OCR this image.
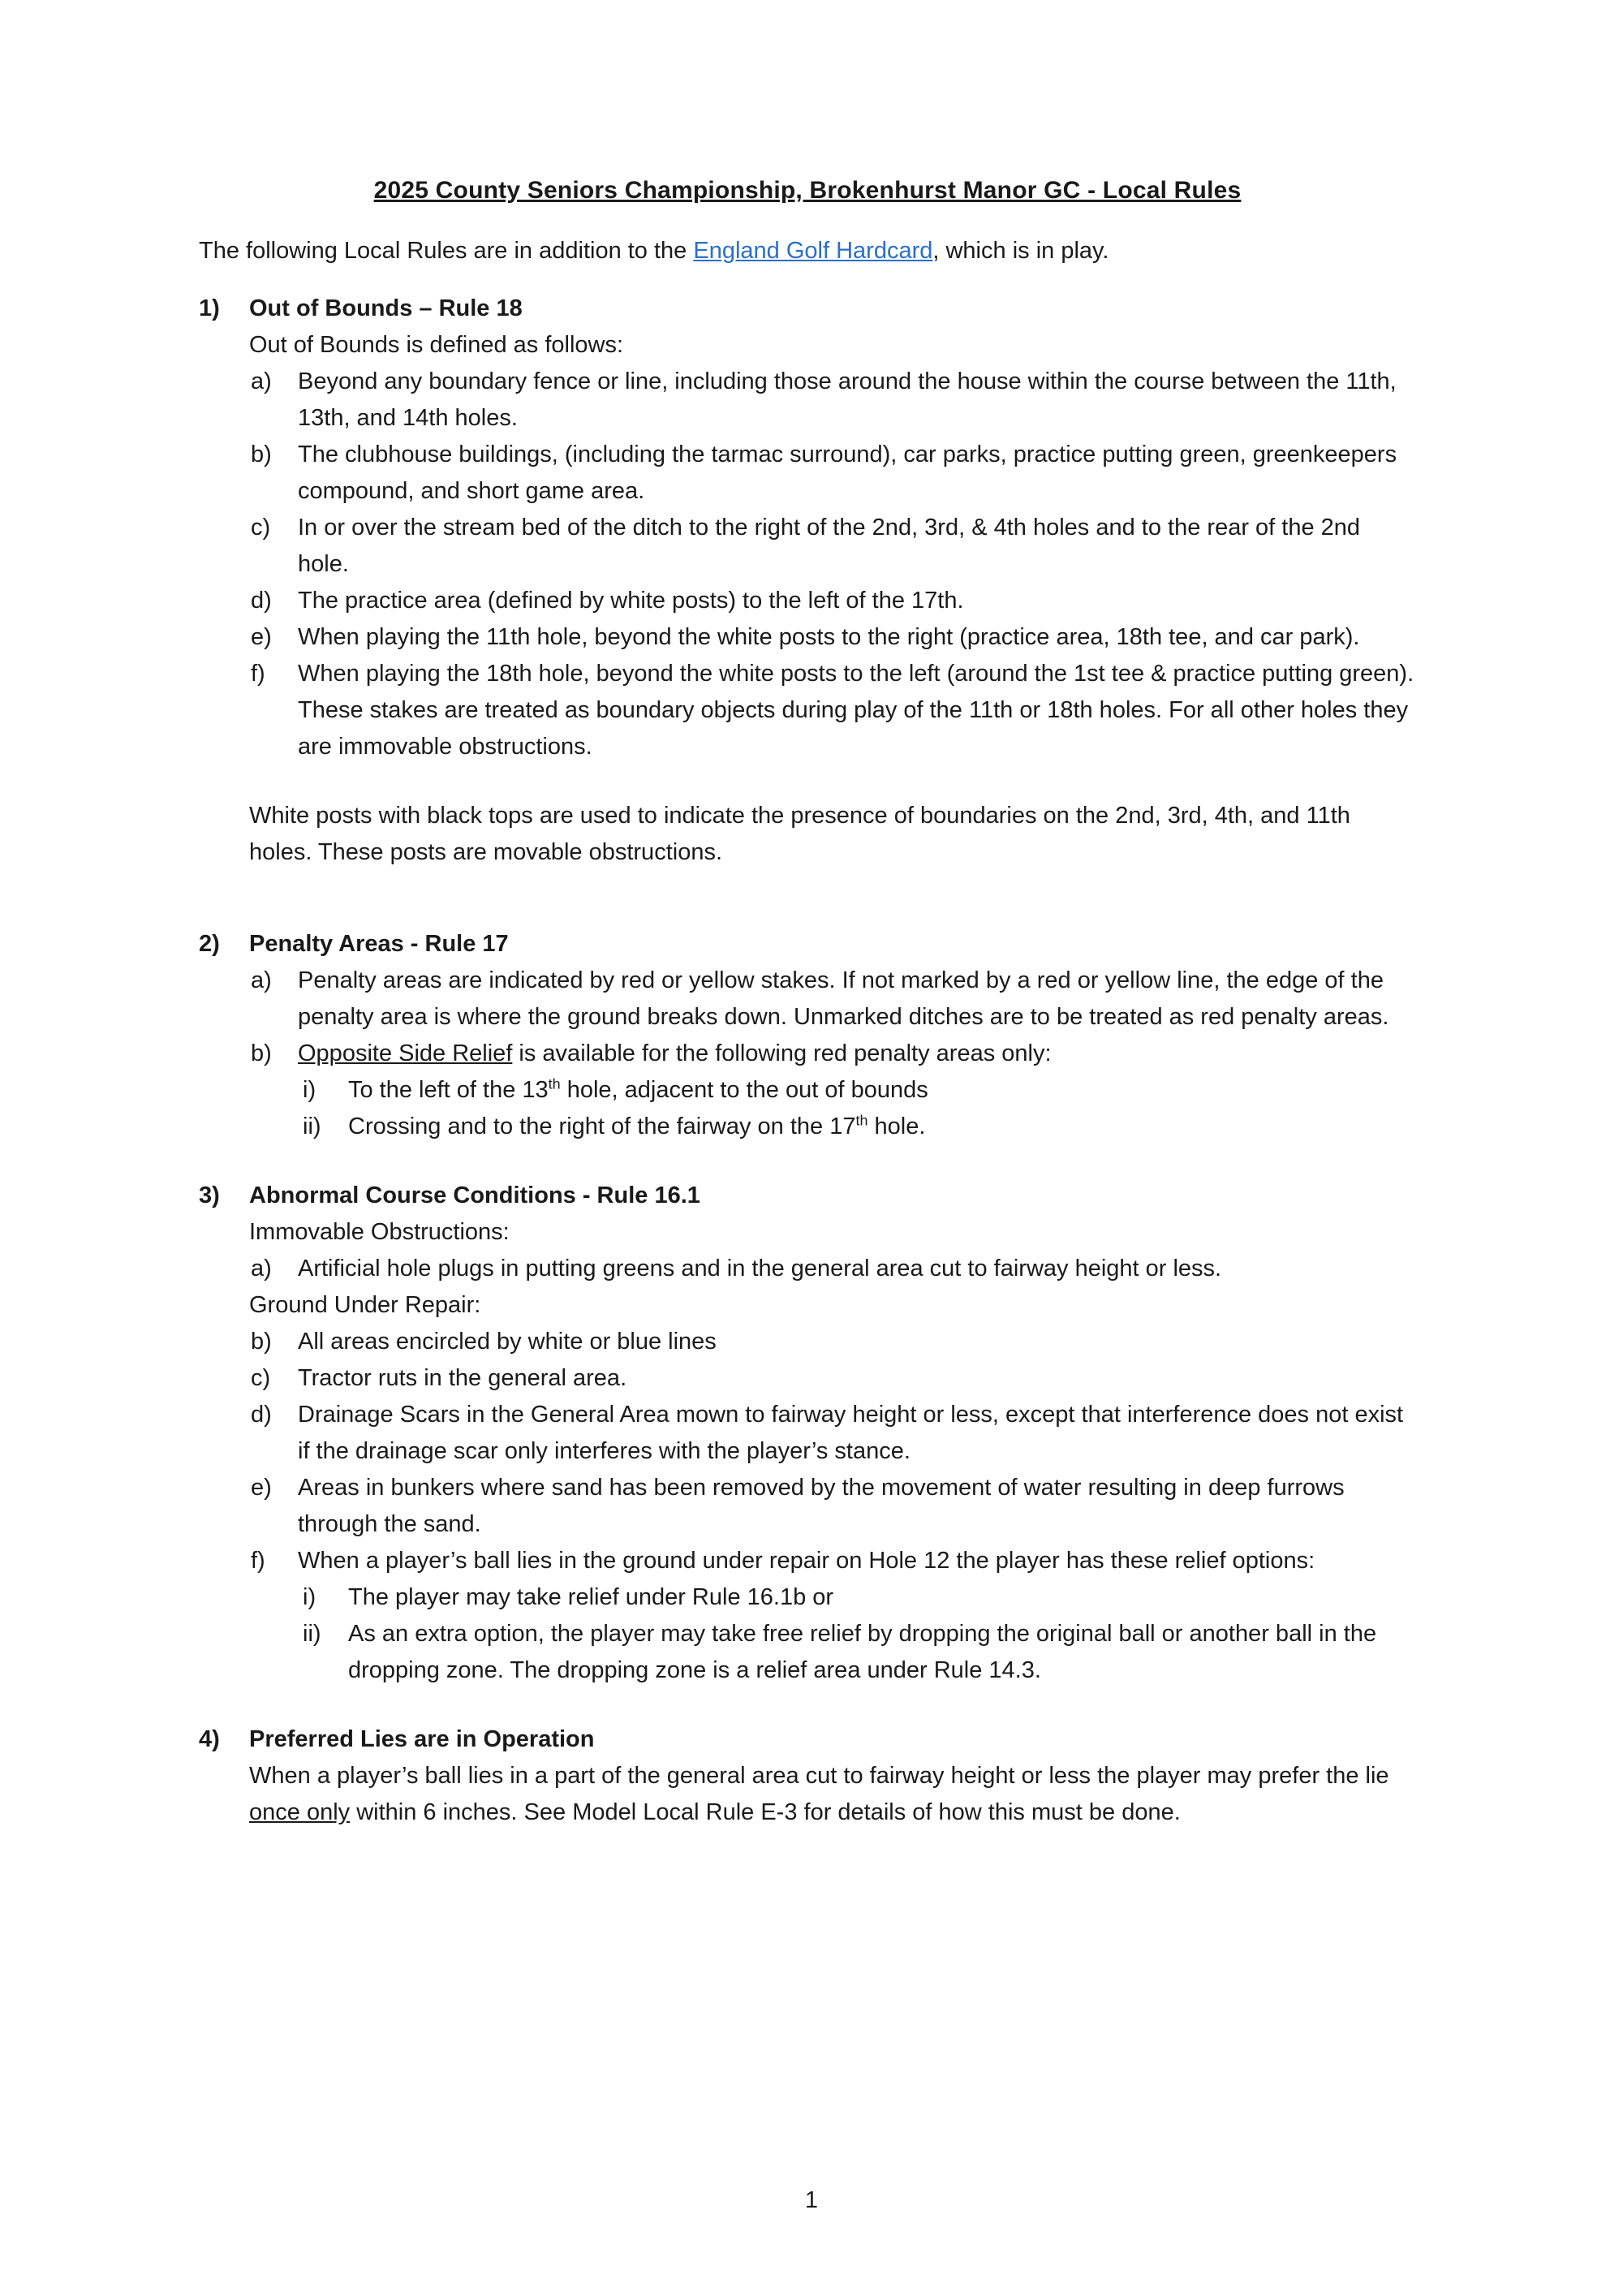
2025 County Seniors Championship, Brokenhurst Manor GC - Local Rules

The following Local Rules are in addition to the England Golf Hardcard, which is in play.

1)	Out of Bounds – Rule 18
Out of Bounds is defined as follows:
a)	Beyond any boundary fence or line, including those around the house within the course between the 11th, 13th, and 14th holes.
b)	The clubhouse buildings, (including the tarmac surround), car parks, practice putting green, greenkeepers compound, and short game area.
c)	In or over the stream bed of the ditch to the right of the 2nd, 3rd, & 4th holes and to the rear of the 2nd hole.
d)	The practice area (defined by white posts) to the left of the 17th.
e)	When playing the 11th hole, beyond the white posts to the right (practice area, 18th tee, and car park).
f)	When playing the 18th hole, beyond the white posts to the left (around the 1st tee & practice putting green). These stakes are treated as boundary objects during play of the 11th or 18th holes. For all other holes they are immovable obstructions.
White posts with black tops are used to indicate the presence of boundaries on the 2nd, 3rd, 4th, and 11th holes. These posts are movable obstructions.
2)	Penalty Areas - Rule 17
a)	Penalty areas are indicated by red or yellow stakes. If not marked by a red or yellow line, the edge of the penalty area is where the ground breaks down. Unmarked ditches are to be treated as red penalty areas.
b)	Opposite Side Relief is available for the following red penalty areas only:
i)	To the left of the 13th hole, adjacent to the out of bounds
ii)	Crossing and to the right of the fairway on the 17th hole.
3)	Abnormal Course Conditions - Rule 16.1
Immovable Obstructions:
a)	Artificial hole plugs in putting greens and in the general area cut to fairway height or less.
Ground Under Repair:
b)	All areas encircled by white or blue lines
c)	Tractor ruts in the general area.
d)	Drainage Scars in the General Area mown to fairway height or less, except that interference does not exist if the drainage scar only interferes with the player’s stance.
e)	Areas in bunkers where sand has been removed by the movement of water resulting in deep furrows through the sand.
f)	When a player’s ball lies in the ground under repair on Hole 12 the player has these relief options:
i)	The player may take relief under Rule 16.1b or
ii)	As an extra option, the player may take free relief by dropping the original ball or another ball in the dropping zone. The dropping zone is a relief area under Rule 14.3.
4)	Preferred Lies are in Operation
When a player’s ball lies in a part of the general area cut to fairway height or less the player may prefer the lie once only within 6 inches. See Model Local Rule E-3 for details of how this must be done.
1
